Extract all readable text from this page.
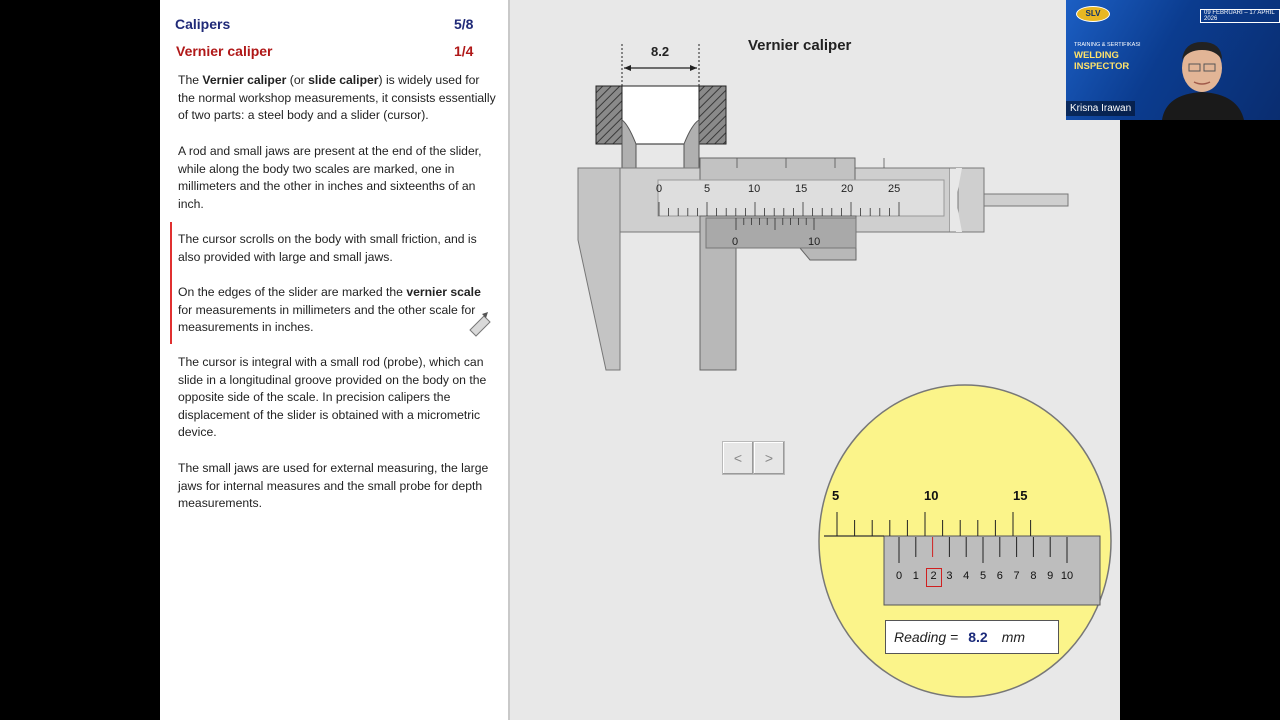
Calipers	5/8
Vernier caliper	1/4
The Vernier caliper (or slide caliper) is widely used for the normal workshop measurements, it consists essentially of two parts: a steel body and a slider (cursor).
A rod and small jaws are present at the end of the slider, while along the body two scales are marked, one in millimeters and the other in inches and sixteenths of an inch.
The cursor scrolls on the body with small friction, and is also provided with large and small jaws.
On the edges of the slider are marked the vernier scale for measurements in millimeters and the other scale for measurements in inches.
The cursor is integral with a small rod (probe), which can slide in a longitudinal groove provided on the body on the opposite side of the scale. In precision calipers the displacement of the slider is obtained with a micrometric device.
The small jaws are used for external measuring, the large jaws for internal measures and the small probe for depth measurements.
Vernier caliper
8.2
0	5	10	15	20	25
0	10
< >
5	10	15
0 1	2 3 4 5 6 7 8 9 10
Reading = 8.2 mm
SLV	09 FEBRUARI – 17 APRIL 2026
TRAINING & SERTIFIKASI
WELDING
INSPECTOR
Krisna Irawan
